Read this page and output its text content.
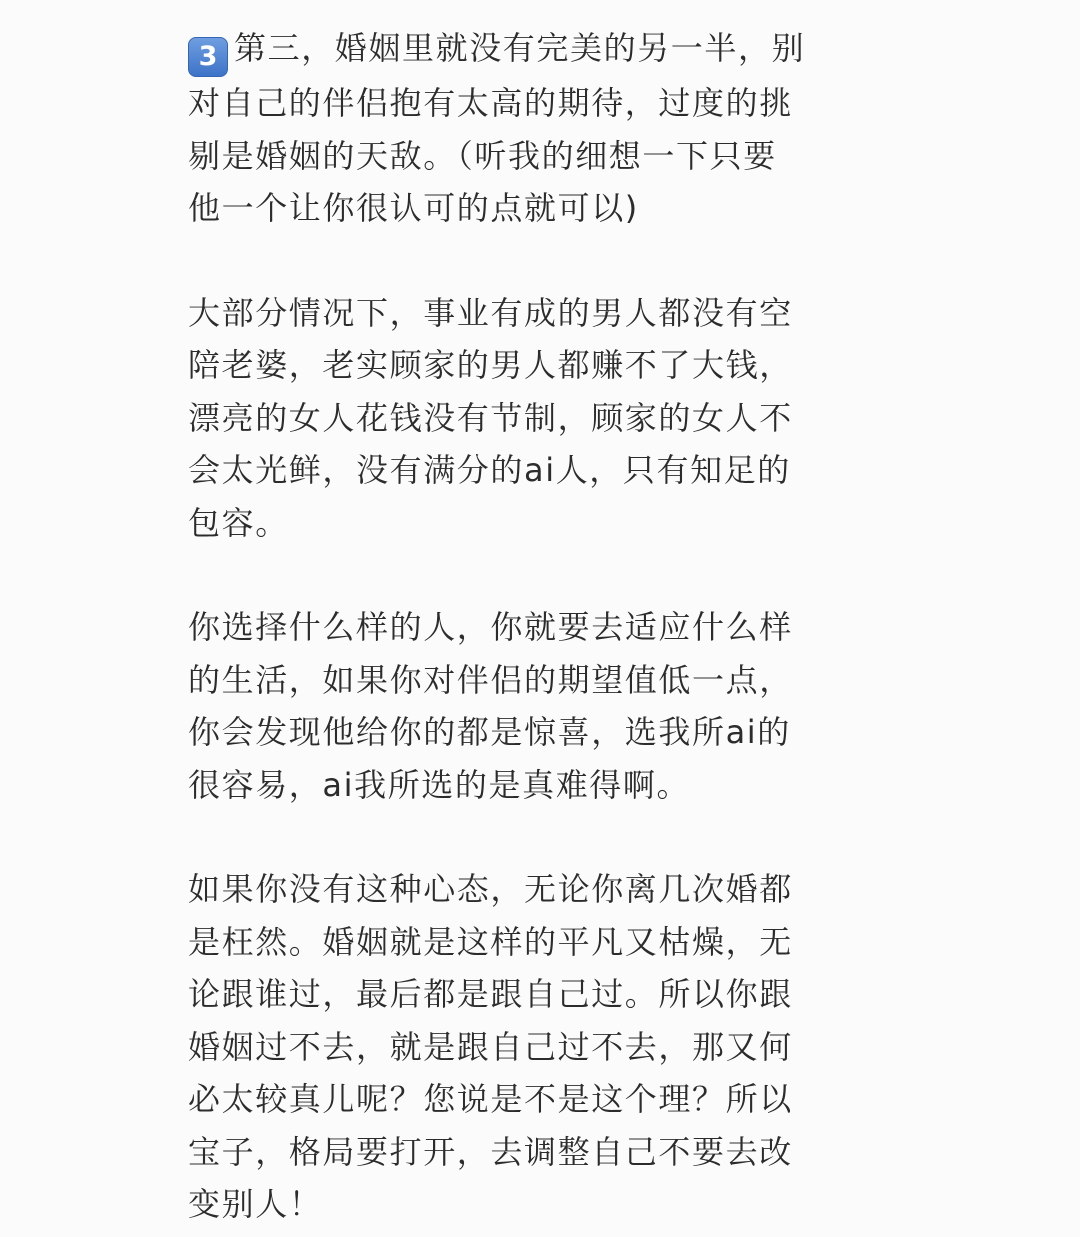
3 第三，婚姻里就没有完美的另一半，别
对自己的伴侣抱有太高的期待，过度的挑
剔是婚姻的天敌。（听我的细想一下只要
他一个让你很认可的点就可以)

大部分情况下，事业有成的男人都没有空
陪老婆，老实顾家的男人都赚不了大钱，
漂亮的女人花钱没有节制，顾家的女人不
会太光鲜，没有满分的ai人，只有知足的
包容。

你选择什么样的人，你就要去适应什么样
的生活，如果你对伴侣的期望值低一点，
你会发现他给你的都是惊喜，选我所ai的
很容易，ai我所选的是真难得啊。

如果你没有这种心态，无论你离几次婚都
是枉然。婚姻就是这样的平凡又枯燥，无
论跟谁过，最后都是跟自己过。所以你跟
婚姻过不去，就是跟自己过不去，那又何
必太较真儿呢？您说是不是这个理？所以
宝子，格局要打开，去调整自己不要去改
变别人！
